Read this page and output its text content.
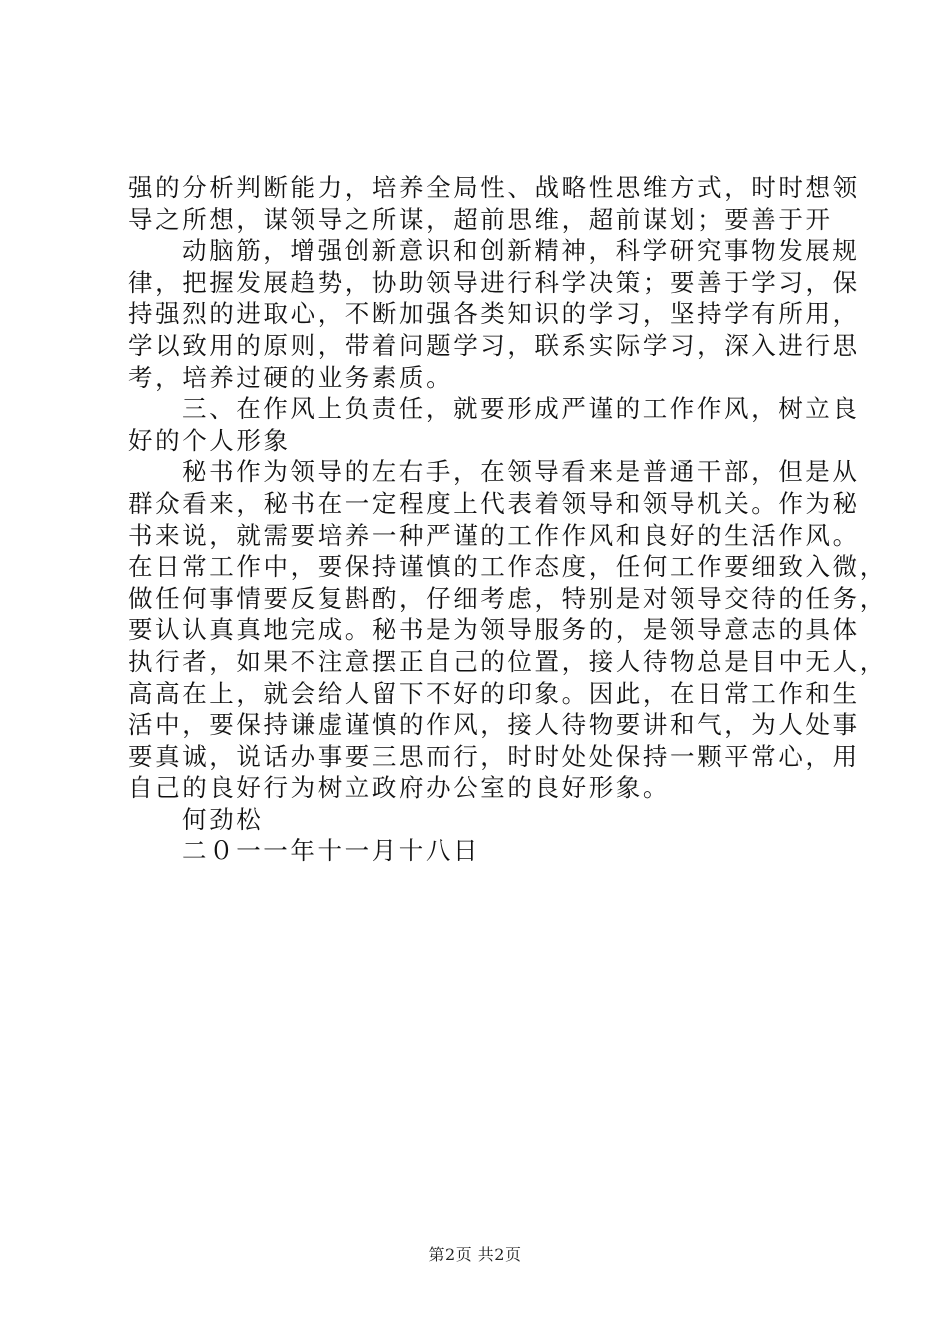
强的分析判断能力，培养全局性、战略性思维方式，时时想领
导之所想，谋领导之所谋，超前思维，超前谋划；要善于开
动脑筋，增强创新意识和创新精神，科学研究事物发展规
律，把握发展趋势，协助领导进行科学决策；要善于学习，保
持强烈的进取心，不断加强各类知识的学习，坚持学有所用，
学以致用的原则，带着问题学习，联系实际学习，深入进行思
考，培养过硬的业务素质。
三、在作风上负责任，就要形成严谨的工作作风，树立良
好的个人形象
秘书作为领导的左右手，在领导看来是普通干部，但是从
群众看来，秘书在一定程度上代表着领导和领导机关。作为秘
书来说，就需要培养一种严谨的工作作风和良好的生活作风。
在日常工作中，要保持谨慎的工作态度，任何工作要细致入微，
做任何事情要反复斟酌，仔细考虑，特别是对领导交待的任务，
要认认真真地完成。秘书是为领导服务的，是领导意志的具体
执行者，如果不注意摆正自己的位置，接人待物总是目中无人，
高高在上，就会给人留下不好的印象。因此，在日常工作和生
活中，要保持谦虚谨慎的作风，接人待物要讲和气，为人处事
要真诚，说话办事要三思而行，时时处处保持一颗平常心，用
自己的良好行为树立政府办公室的良好形象。
何劲松
二０一一年十一月十八日
第2页 共2页
